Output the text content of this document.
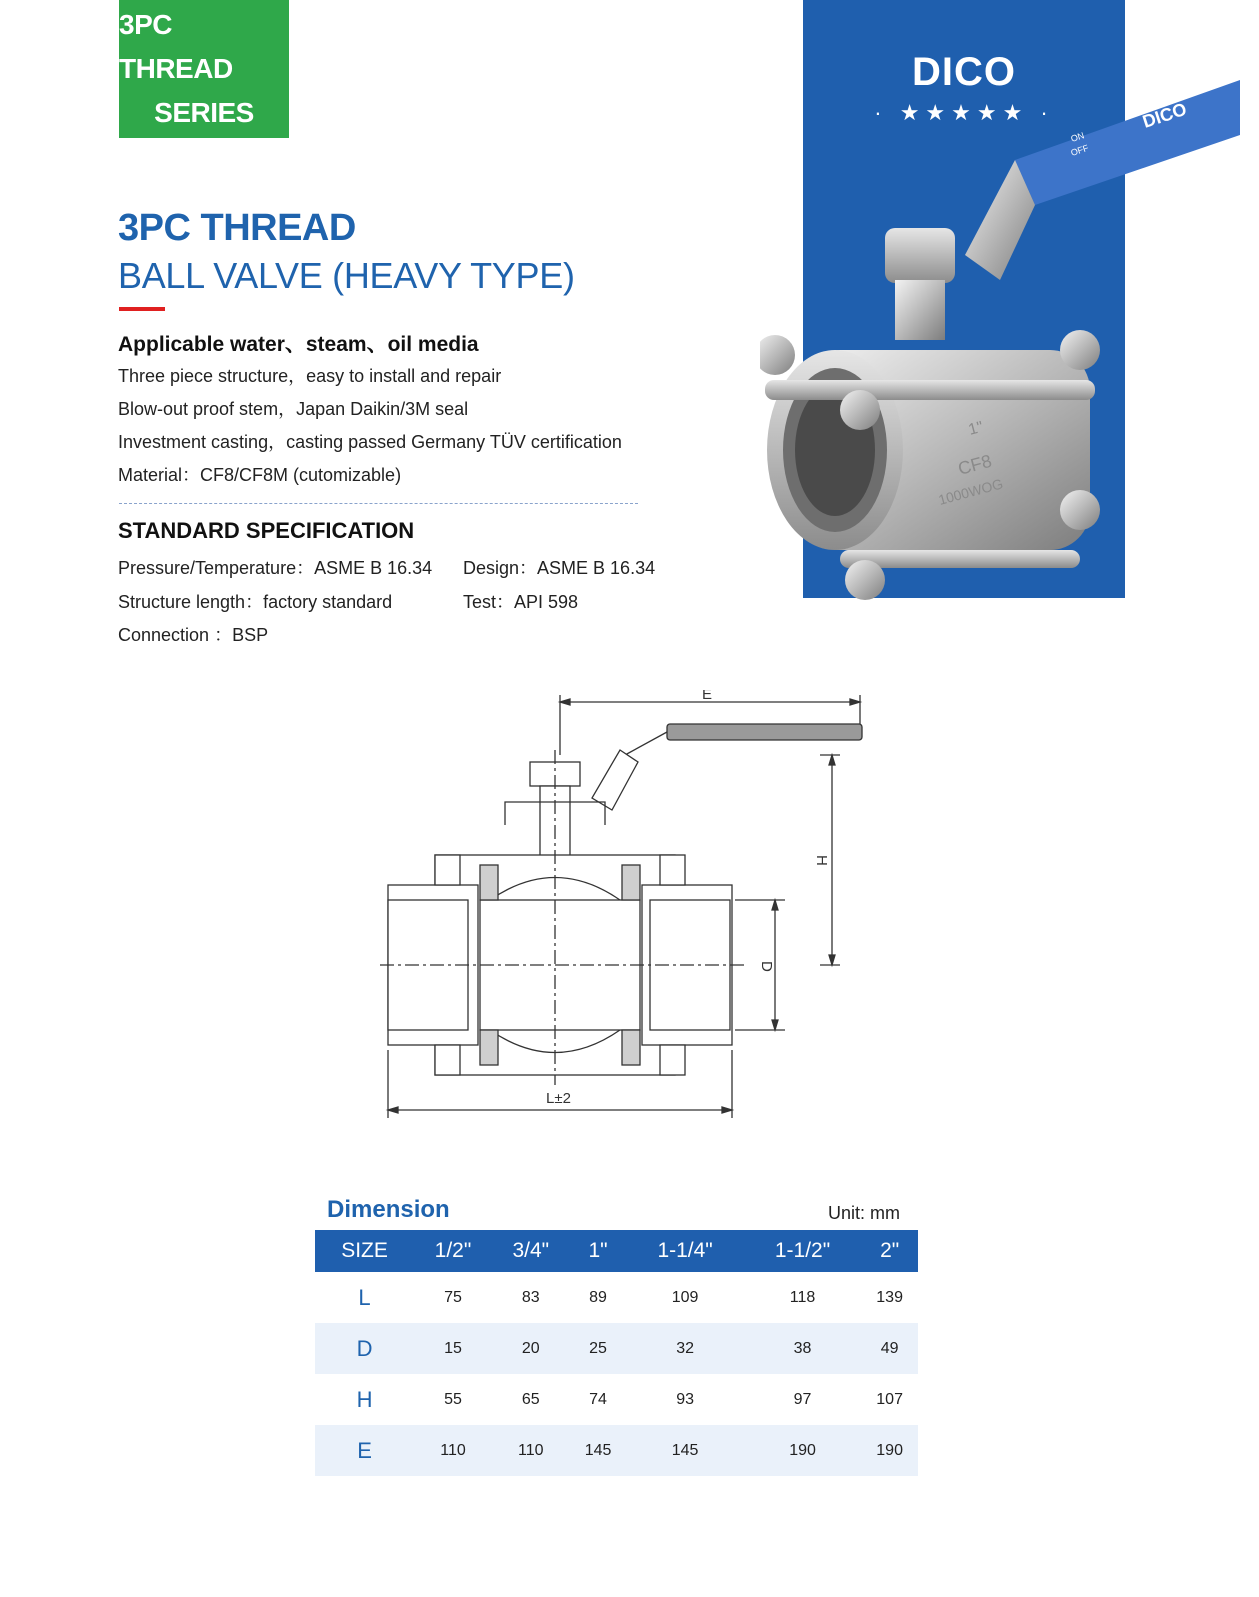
3PC THREAD
SERIES
3PC THREAD
BALL VALVE (HEAVY TYPE)
Applicable water、steam、oil media
Three piece structure，easy to install and repair
Blow-out proof stem，Japan Daikin/3M seal
Investment casting，casting passed Germany TÜV certification
Material：CF8/CF8M (cutomizable)
STANDARD SPECIFICATION
Pressure/Temperature：ASME B 16.34
Structure length：factory standard
Connection ：BSP
Design：ASME B 16.34
Test：API 598
DICO
· ★★★★★ ·	DICO
ON
OFF
1"
CF8
1000WOG
E
H
D
L±2
Dimension	Unit: mm
SIZE	1/2"	3/4"	1"	1-1/4"	1-1/2"	2"
L	75	83	89	109	118	139
D	15	20	25	32	38	49
H	55	65	74	93	97	107
E	110	110	145	145	190	190
